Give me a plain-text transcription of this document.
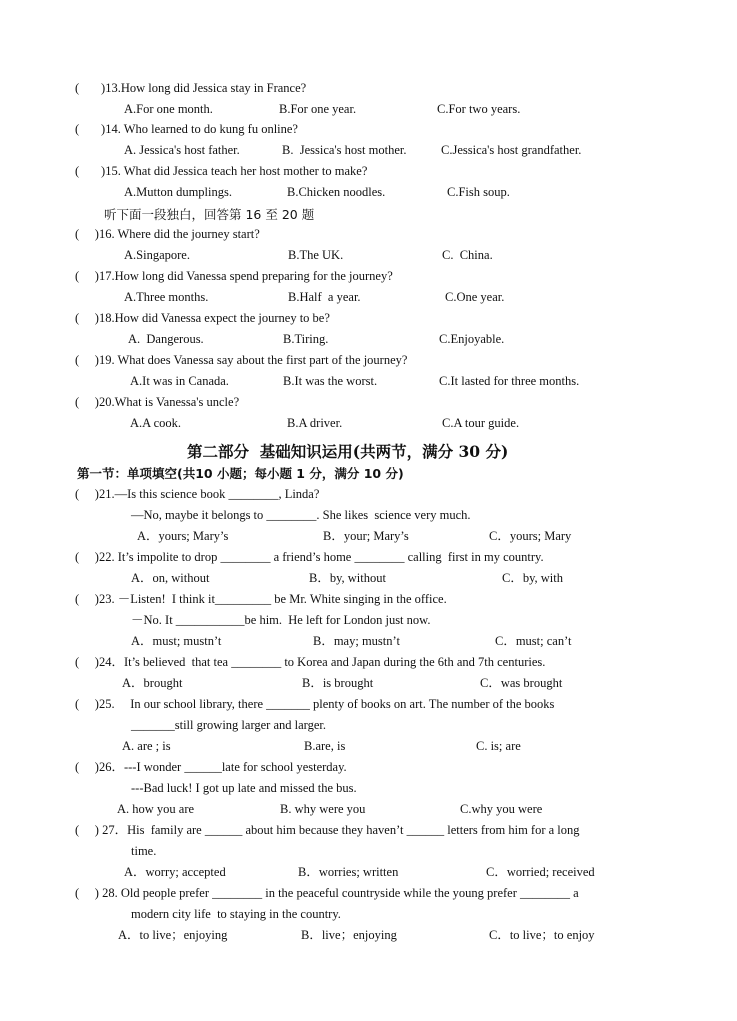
(       )13.How long did Jessica stay in France?
A.For one month.	B.For one year.	C.For two years.
(       )14. Who learned to do kung fu online?
A. Jessica's host father.	B.  Jessica's host mother.	C.Jessica's host grandfather.
(       )15. What did Jessica teach her host mother to make?
A.Mutton dumplings.	B.Chicken noodles.	C.Fish soup.
听下面一段独白，回答第 16 至 20 题
(     )16. Where did the journey start?
A.Singapore.	B.The UK.	C.  China.
(     )17.How long did Vanessa spend preparing for the journey?
A.Three months.	B.Half  a year.	C.One year.
(     )18.How did Vanessa expect the journey to be?
A.  Dangerous.	B.Tiring.	C.Enjoyable.
(     )19. What does Vanessa say about the first part of the journey?
A.It was in Canada.	B.It was the worst.	C.It lasted for three months.
(     )20.What is Vanessa's uncle?
A.A cook.	B.A driver.	C.A tour guide.
第二部分  基础知识运用(共两节，满分 30 分)
第一节：单项填空(共10 小题；每小题 1 分，满分 10 分)
(     )21.—Is this science book ________, Linda?
—No, maybe it belongs to ________. She likes  science very much.
A．yours; Mary’s	B．your; Mary’s	C．yours; Mary
(     )22. It’s impolite to drop ________ a friend’s home ________ calling  first in my country.
A．on, without	B．by, without	C．by, with
(     )23. －Listen!  I think it_________ be Mr. White singing in the office.
－No. It ___________be him.  He left for London just now.
A．must; mustn’t	B．may; mustn’t	C．must; can’t
(     )24．It’s believed  that tea ________ to Korea and Japan during the 6th and 7th centuries.
A．brought	B．is brought	C．was brought
(     )25.     In our school library, there _______ plenty of books on art. The number of the books
_______still growing larger and larger.
A. are ; is	B.are, is	C. is; are
(     )26．---I wonder ______late for school yesterday.
---Bad luck! I got up late and missed the bus.
A. how you are	B. why were you	C.why you were
(     ) 27．His  family are ______ about him because they haven’t ______ letters from him for a long
time.
A．worry; accepted	B．worries; written	C．worried; received
(     ) 28. Old people prefer ________ in the peaceful countryside while the young prefer ________ a
modern city life  to staying in the country.
A．to live；enjoying	B．live；enjoying	C．to live；to enjoy
